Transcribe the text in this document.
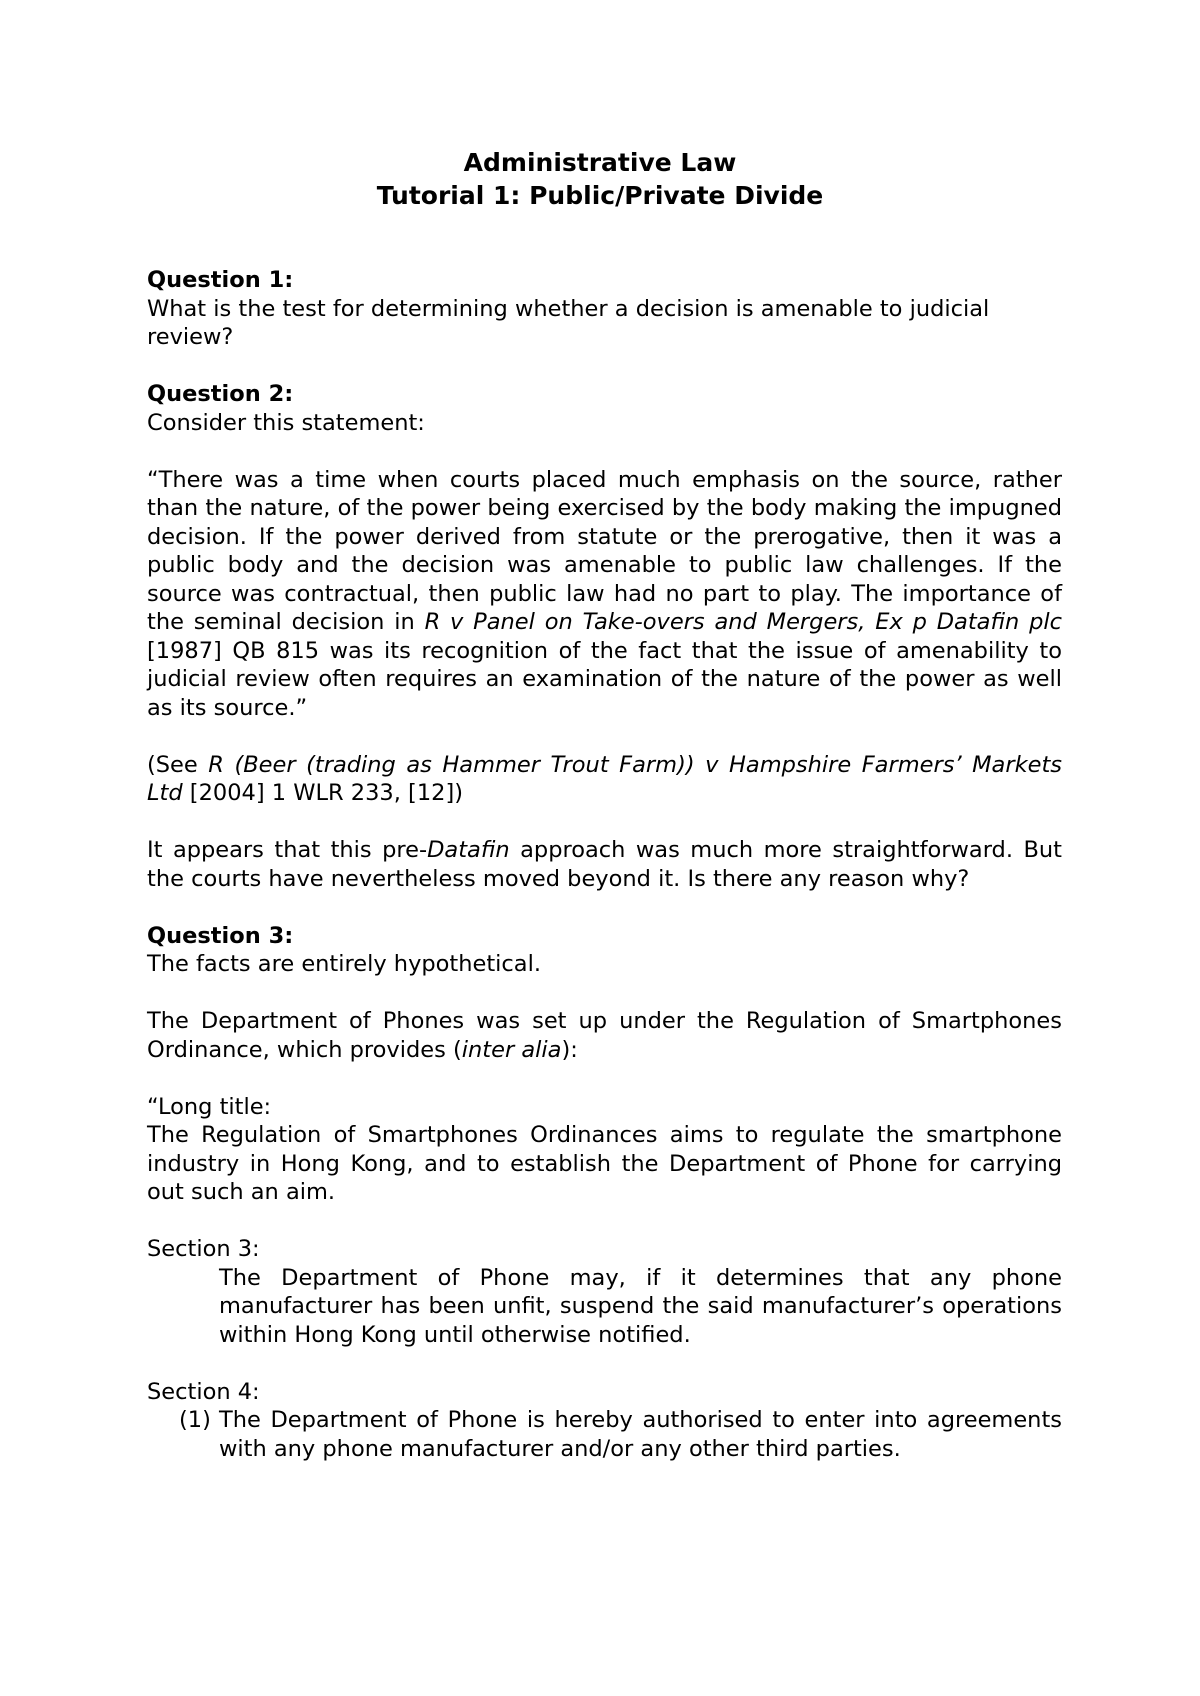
Administrative Law
Tutorial 1: Public/Private Divide

Question 1:
What is the test for determining whether a decision is amenable to judicial review?

Question 2:
Consider this statement:

“There was a time when courts placed much emphasis on the source, rather than the nature, of the power being exercised by the body making the impugned decision. If the power derived from statute or the prerogative, then it was a public body and the decision was amenable to public law challenges. If the source was contractual, then public law had no part to play. The importance of the seminal decision in R v Panel on Take-overs and Mergers, Ex p Datafin plc [1987] QB 815 was its recognition of the fact that the issue of amenability to judicial review often requires an examination of the nature of the power as well as its source.”

(See R (Beer (trading as Hammer Trout Farm)) v Hampshire Farmers’ Markets Ltd [2004] 1 WLR 233, [12])

It appears that this pre-Datafin approach was much more straightforward. But the courts have nevertheless moved beyond it. Is there any reason why?

Question 3:
The facts are entirely hypothetical.

The Department of Phones was set up under the Regulation of Smartphones Ordinance, which provides (inter alia):

“Long title:
The Regulation of Smartphones Ordinances aims to regulate the smartphone industry in Hong Kong, and to establish the Department of Phone for carrying out such an aim.

Section 3:

The Department of Phone may, if it determines that any phone manufacturer has been unfit, suspend the said manufacturer’s operations within Hong Kong until otherwise notified.

Section 4:

(1) The Department of Phone is hereby authorised to enter into agreements with any phone manufacturer and/or any other third parties.
